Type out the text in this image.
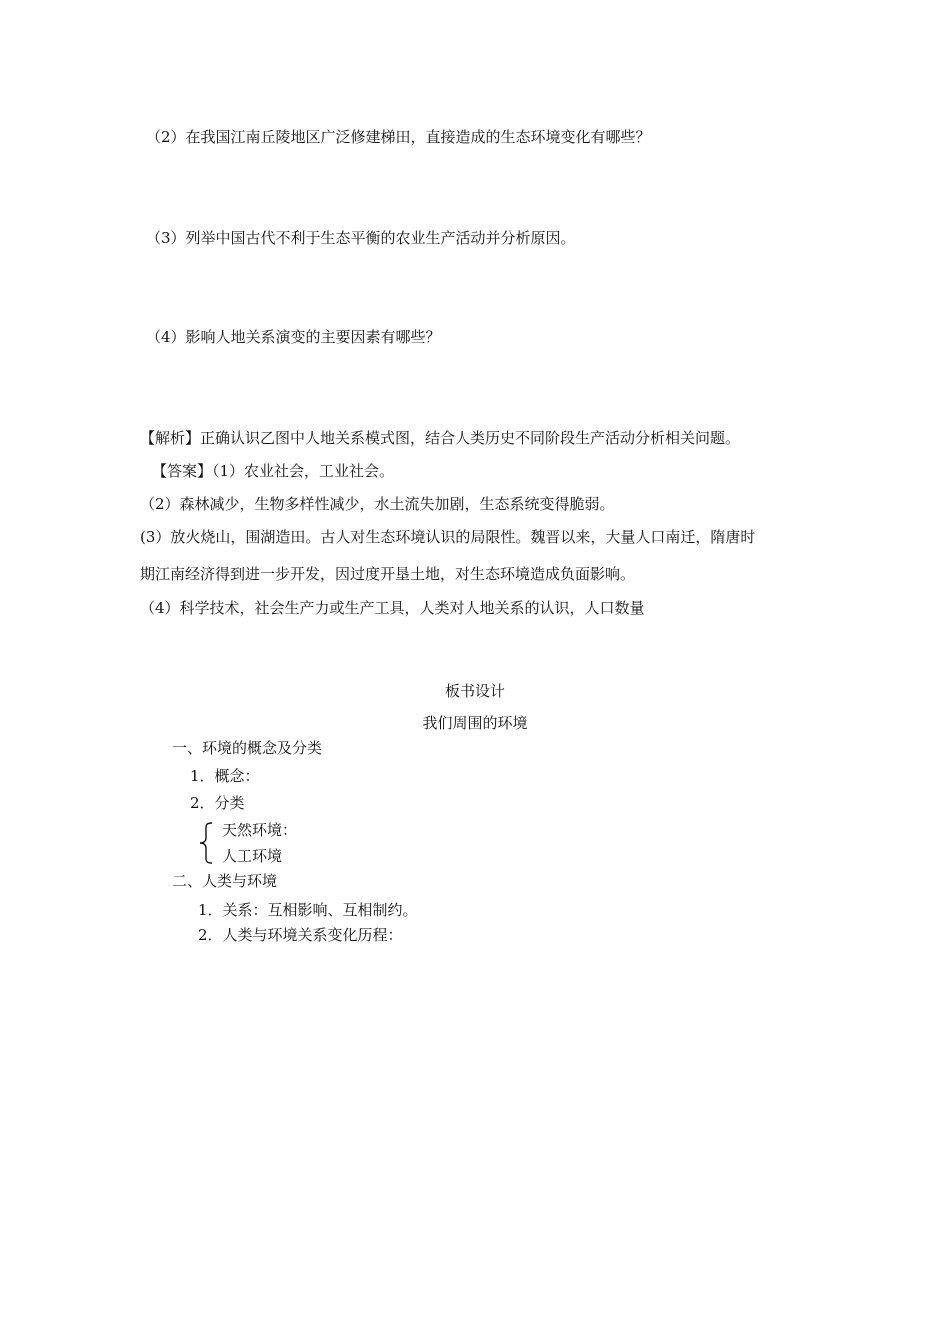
（2）在我国江南丘陵地区广泛修建梯田，直接造成的生态环境变化有哪些？
（3）列举中国古代不利于生态平衡的农业生产活动并分析原因。
（4）影响人地关系演变的主要因素有哪些？
【解析】正确认识乙图中人地关系模式图，结合人类历史不同阶段生产活动分析相关问题。
【答案】（1）农业社会，工业社会。
（2）森林减少，生物多样性减少，水土流失加剧，生态系统变得脆弱。
(3）放火烧山，围湖造田。古人对生态环境认识的局限性。魏晋以来，大量人口南迁，隋唐时
期江南经济得到进一步开发，因过度开垦土地，对生态环境造成负面影响。
（4）科学技术，社会生产力或生产工具，人类对人地关系的认识，人口数量
板书设计
我们周围的环境
一、环境的概念及分类
1．概念：
2．分类
天然环境：
人工环境
二、人类与环境
1．关系：互相影响、互相制约。
2．人类与环境关系变化历程：
